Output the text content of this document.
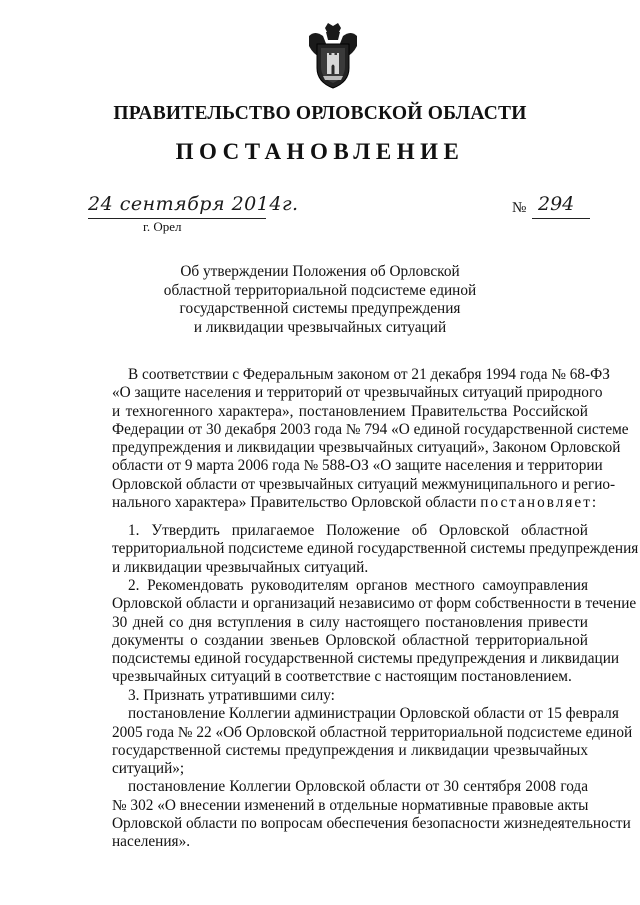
ПРАВИТЕЛЬСТВО ОРЛОВСКОЙ ОБЛАСТИ
ПОСТАНОВЛЕНИЕ
24 сентября 2014г.
г. Орел
№ 294
Об утверждении Положения об Орловской
областной территориальной подсистеме единой
государственной системы предупреждения
и ликвидации чрезвычайных ситуаций
В соответствии с Федеральным законом от 21 декабря 1994 года № 68-ФЗ
«О защите населения и территорий от чрезвычайных ситуаций природного
и техногенного характера», постановлением Правительства Российской
Федерации от 30 декабря 2003 года № 794 «О единой государственной системе
предупреждения и ликвидации чрезвычайных ситуаций», Законом Орловской
области от 9 марта 2006 года № 588-ОЗ «О защите населения и территории
Орловской области от чрезвычайных ситуаций межмуниципального и регио-
нального характера» Правительство Орловской области постановляет:
1. Утвердить прилагаемое Положение об Орловской областной
территориальной подсистеме единой государственной системы предупреждения
и ликвидации чрезвычайных ситуаций.
2. Рекомендовать руководителям органов местного самоуправления
Орловской области и организаций независимо от форм собственности в течение
30 дней со дня вступления в силу настоящего постановления привести
документы о создании звеньев Орловской областной территориальной
подсистемы единой государственной системы предупреждения и ликвидации
чрезвычайных ситуаций в соответствие с настоящим постановлением.
3. Признать утратившими силу:
постановление Коллегии администрации Орловской области от 15 февраля
2005 года № 22 «Об Орловской областной территориальной подсистеме единой
государственной системы предупреждения и ликвидации чрезвычайных
ситуаций»;
постановление Коллегии Орловской области от 30 сентября 2008 года
№ 302 «О внесении изменений в отдельные нормативные правовые акты
Орловской области по вопросам обеспечения безопасности жизнедеятельности
населения».
